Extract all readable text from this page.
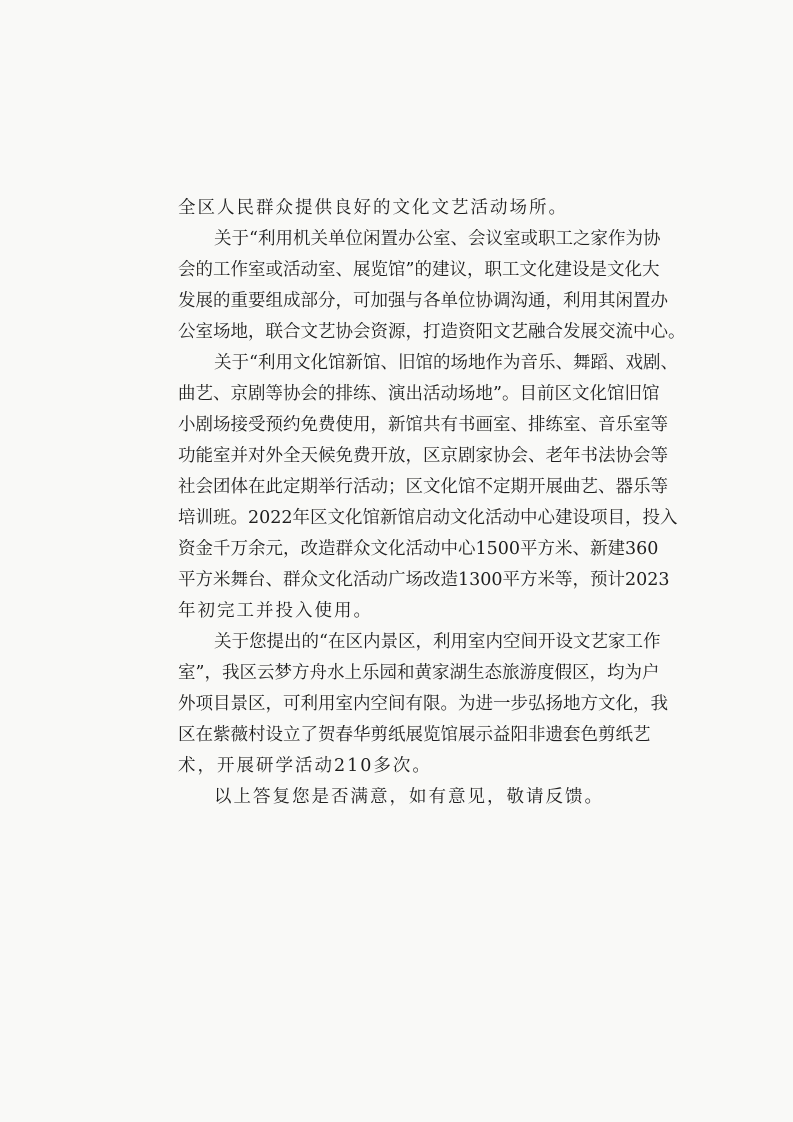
全区人民群众提供良好的文化文艺活动场所。
关于“利用机关单位闲置办公室、会议室或职工之家作为协
会的工作室或活动室、展览馆”的建议，职工文化建设是文化大
发展的重要组成部分，可加强与各单位协调沟通，利用其闲置办
公室场地，联合文艺协会资源，打造资阳文艺融合发展交流中心。
关于“利用文化馆新馆、旧馆的场地作为音乐、舞蹈、戏剧、
曲艺、京剧等协会的排练、演出活动场地”。目前区文化馆旧馆
小剧场接受预约免费使用，新馆共有书画室、排练室、音乐室等
功能室并对外全天候免费开放，区京剧家协会、老年书法协会等
社会团体在此定期举行活动；区文化馆不定期开展曲艺、器乐等
培训班。2022年区文化馆新馆启动文化活动中心建设项目，投入
资金千万余元，改造群众文化活动中心1500平方米、新建360
平方米舞台、群众文化活动广场改造1300平方米等，预计2023
年初完工并投入使用。
关于您提出的“在区内景区，利用室内空间开设文艺家工作
室”，我区云梦方舟水上乐园和黄家湖生态旅游度假区，均为户
外项目景区，可利用室内空间有限。为进一步弘扬地方文化，我
区在紫薇村设立了贺春华剪纸展览馆展示益阳非遗套色剪纸艺
术，开展研学活动210多次。
以上答复您是否满意，如有意见，敬请反馈。
